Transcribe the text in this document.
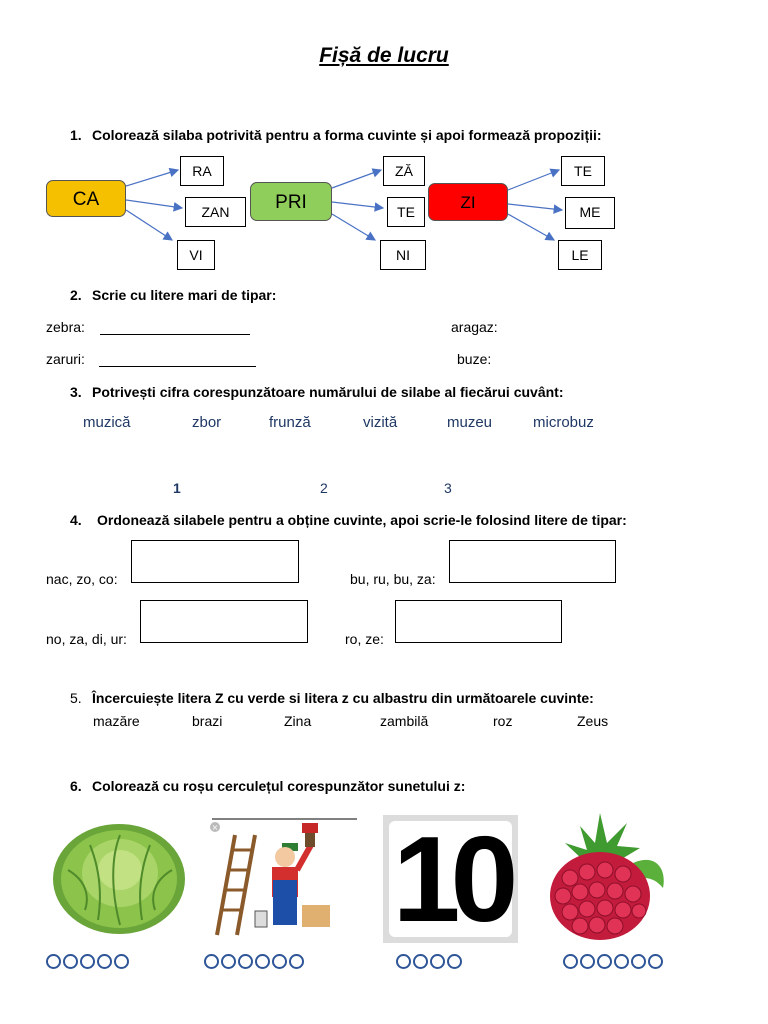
Fișă de lucru
1. Colorează silaba potrivită pentru a forma cuvinte și apoi formează propoziții:
CA
RA
ZAN
VI
PRI
ZĂ
TE
NI
ZI
TE
ME
LE
2. Scrie cu litere mari de tipar:
zebra:	aragaz:
zaruri:	buze:
3. Potrivești cifra corespunzătoare numărului de silabe al fiecărui cuvânt:
muzică	zbor	frunză	vizită	muzeu	microbuz
1	2	3
4. Ordonează silabele pentru a obține cuvinte, apoi scrie-le folosind litere de tipar:
nac, zo, co:	bu, ru, bu, za:
no, za, di, ur:	ro, ze:
5. Încercuiește litera Z cu verde si litera z cu albastru din următoarele cuvinte:
mazăre	brazi	Zina	zambilă	roz	Zeus
6. Colorează cu roșu cerculețul corespunzător sunetului z:
× 10
